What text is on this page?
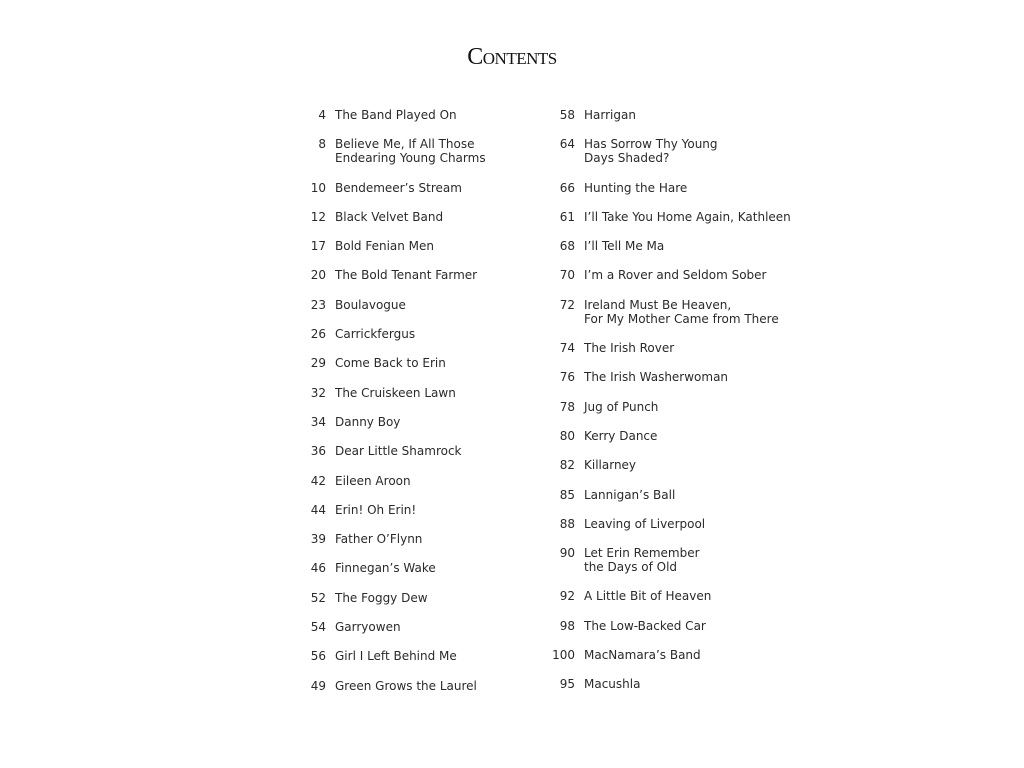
Contents
4 The Band Played On
8 Believe Me, If All Those
Endearing Young Charms
10 Bendemeer’s Stream
12 Black Velvet Band
17 Bold Fenian Men
20 The Bold Tenant Farmer
23 Boulavogue
26 Carrickfergus
29 Come Back to Erin
32 The Cruiskeen Lawn
34 Danny Boy
36 Dear Little Shamrock
42 Eileen Aroon
44 Erin! Oh Erin!
39 Father O’Flynn
46 Finnegan’s Wake
52 The Foggy Dew
54 Garryowen
56 Girl I Left Behind Me
49 Green Grows the Laurel
58 Harrigan
64 Has Sorrow Thy Young
Days Shaded?
66 Hunting the Hare
61 I’ll Take You Home Again, Kathleen
68 I’ll Tell Me Ma
70 I’m a Rover and Seldom Sober
72 Ireland Must Be Heaven,
For My Mother Came from There
74 The Irish Rover
76 The Irish Washerwoman
78 Jug of Punch
80 Kerry Dance
82 Killarney
85 Lannigan’s Ball
88 Leaving of Liverpool
90 Let Erin Remember
the Days of Old
92 A Little Bit of Heaven
98 The Low-Backed Car
100 MacNamara’s Band
95 Macushla
